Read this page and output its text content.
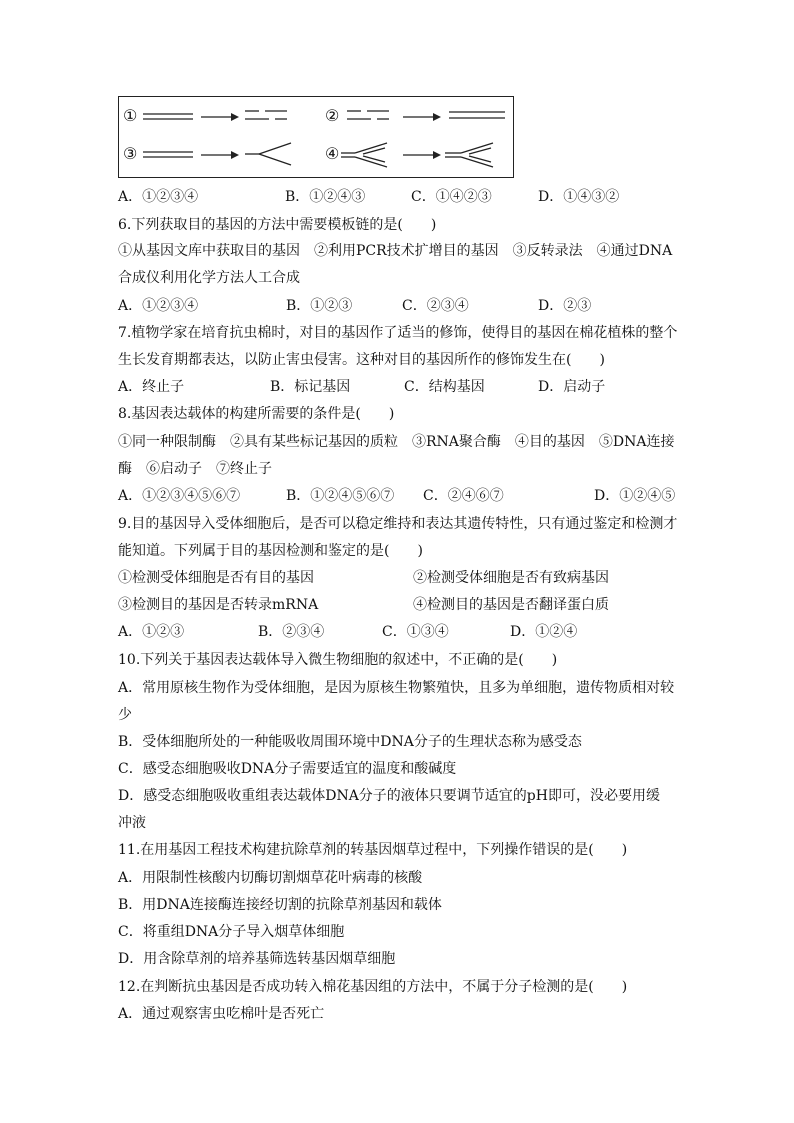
①	②
③	④
A．①②③④	B．①②④③	C．①④②③	D．①④③②
6.下列获取目的基因的方法中需要模板链的是(　　)
①从基因文库中获取目的基因　②利用PCR技术扩增目的基因　③反转录法　④通过DNA
合成仪利用化学方法人工合成
A．①②③④	B．①②③	C．②③④	D．②③
7.植物学家在培育抗虫棉时，对目的基因作了适当的修饰，使得目的基因在棉花植株的整个
生长发育期都表达，以防止害虫侵害。这种对目的基因所作的修饰发生在(　　)
A．终止子	B．标记基因	C．结构基因	D．启动子
8.基因表达载体的构建所需要的条件是(　　)
①同一种限制酶　②具有某些标记基因的质粒　③RNA聚合酶　④目的基因　⑤DNA连接
酶　⑥启动子　⑦终止子
A．①②③④⑤⑥⑦	B．①②④⑤⑥⑦ C．②④⑥⑦	D．①②④⑤
9.目的基因导入受体细胞后，是否可以稳定维持和表达其遗传特性，只有通过鉴定和检测才
能知道。下列属于目的基因检测和鉴定的是(　　)
①检测受体细胞是否有目的基因	②检测受体细胞是否有致病基因
③检测目的基因是否转录mRNA	④检测目的基因是否翻译蛋白质
A．①②③	B．②③④	C．①③④	D．①②④
10.下列关于基因表达载体导入微生物细胞的叙述中，不正确的是(　　)
A．常用原核生物作为受体细胞，是因为原核生物繁殖快，且多为单细胞，遗传物质相对较
少
B．受体细胞所处的一种能吸收周围环境中DNA分子的生理状态称为感受态
C．感受态细胞吸收DNA分子需要适宜的温度和酸碱度
D．感受态细胞吸收重组表达载体DNA分子的液体只要调节适宜的pH即可，没必要用缓
冲液
11.在用基因工程技术构建抗除草剂的转基因烟草过程中，下列操作错误的是(　　)
A．用限制性核酸内切酶切割烟草花叶病毒的核酸
B．用DNA连接酶连接经切割的抗除草剂基因和载体
C．将重组DNA分子导入烟草体细胞
D．用含除草剂的培养基筛选转基因烟草细胞
12.在判断抗虫基因是否成功转入棉花基因组的方法中，不属于分子检测的是(　　)
A．通过观察害虫吃棉叶是否死亡
